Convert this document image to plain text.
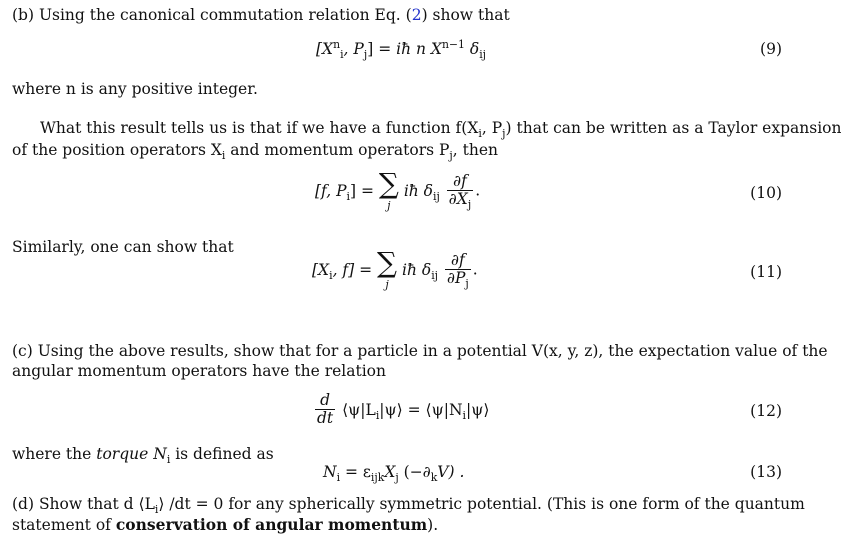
(b) Using the canonical commutation relation Eq. (2) show that
[$X^n_i$, $P_j$] = iħ n $X^{n-1}$ $\delta_{ij}$	(9)
where n is any positive integer.
What this result tells us is that if we have a function $f(X_i$, $P_j$) that can be written as a Taylor expansion
of the position operators $X_i$ and momentum operators $P_j$, then
[f, $P_i$] = ∑
j
iħ $\delta_{ij} \frac{\partial f}{\partial X_j}$ .	(10)
Similarly, one can show that
[$X_i$, f] = ∑
j
iħ $\delta_{ij} \frac{\partial f}{\partial P_j}$ .	(11)
(c) Using the above results, show that for a particle in a potential V(x, y, z), the expectation value of the
angular momentum operators have the relation
$\frac{d}{dt}$ $⟨\psi|L_i|\psi⟩$ = $⟨\psi|N_i|\psi⟩$	(12)
where the torque $N_i$ is defined as
$N_i = \varepsilon_{ijk}X_j$ $(-\partial_kV)$ .	(13)
(d) Show that d $⟨L_i⟩$ /dt = 0 for any spherically symmetric potential. (This is one form of the quantum
statement of conservation of angular momentum).
